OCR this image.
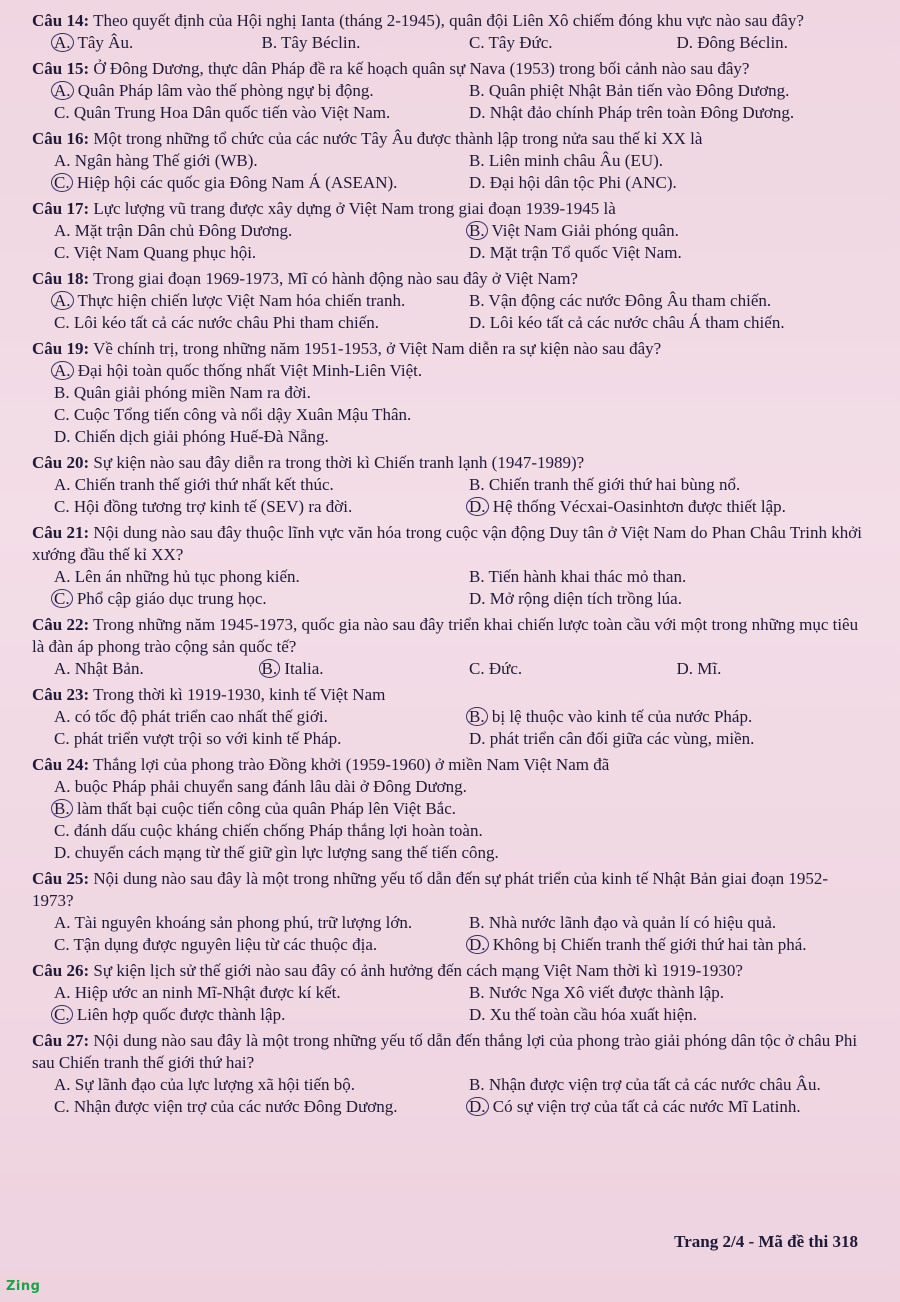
Câu 14: Theo quyết định của Hội nghị Ianta (tháng 2-1945), quân đội Liên Xô chiếm đóng khu vực nào sau đây?
A. Tây Âu.	B. Tây Béclin.	C. Tây Đức.	D. Đông Béclin.
Câu 15: Ở Đông Dương, thực dân Pháp đề ra kế hoạch quân sự Nava (1953) trong bối cảnh nào sau đây?
A. Quân Pháp lâm vào thế phòng ngự bị động.	B. Quân phiệt Nhật Bản tiến vào Đông Dương.
C. Quân Trung Hoa Dân quốc tiến vào Việt Nam.	D. Nhật đảo chính Pháp trên toàn Đông Dương.
Câu 16: Một trong những tổ chức của các nước Tây Âu được thành lập trong nửa sau thế kỉ XX là
A. Ngân hàng Thế giới (WB).	B. Liên minh châu Âu (EU).
C. Hiệp hội các quốc gia Đông Nam Á (ASEAN).	D. Đại hội dân tộc Phi (ANC).
Câu 17: Lực lượng vũ trang được xây dựng ở Việt Nam trong giai đoạn 1939-1945 là
A. Mặt trận Dân chủ Đông Dương.	B. Việt Nam Giải phóng quân.
C. Việt Nam Quang phục hội.	D. Mặt trận Tổ quốc Việt Nam.
Câu 18: Trong giai đoạn 1969-1973, Mĩ có hành động nào sau đây ở Việt Nam?
A. Thực hiện chiến lược Việt Nam hóa chiến tranh.	B. Vận động các nước Đông Âu tham chiến.
C. Lôi kéo tất cả các nước châu Phi tham chiến.	D. Lôi kéo tất cả các nước châu Á tham chiến.
Câu 19: Về chính trị, trong những năm 1951-1953, ở Việt Nam diễn ra sự kiện nào sau đây?
A. Đại hội toàn quốc thống nhất Việt Minh-Liên Việt.
B. Quân giải phóng miền Nam ra đời.
C. Cuộc Tổng tiến công và nổi dậy Xuân Mậu Thân.
D. Chiến dịch giải phóng Huế-Đà Nẵng.
Câu 20: Sự kiện nào sau đây diễn ra trong thời kì Chiến tranh lạnh (1947-1989)?
A. Chiến tranh thế giới thứ nhất kết thúc.	B. Chiến tranh thế giới thứ hai bùng nổ.
C. Hội đồng tương trợ kinh tế (SEV) ra đời.	D. Hệ thống Vécxai-Oasinhtơn được thiết lập.
Câu 21: Nội dung nào sau đây thuộc lĩnh vực văn hóa trong cuộc vận động Duy tân ở Việt Nam do Phan Châu Trinh khởi xướng đầu thế kỉ XX?
A. Lên án những hủ tục phong kiến.	B. Tiến hành khai thác mỏ than.
C. Phổ cập giáo dục trung học.	D. Mở rộng diện tích trồng lúa.
Câu 22: Trong những năm 1945-1973, quốc gia nào sau đây triển khai chiến lược toàn cầu với một trong những mục tiêu là đàn áp phong trào cộng sản quốc tế?
A. Nhật Bản.	B. Italia.	C. Đức.	D. Mĩ.
Câu 23: Trong thời kì 1919-1930, kinh tế Việt Nam
A. có tốc độ phát triển cao nhất thế giới.	B. bị lệ thuộc vào kinh tế của nước Pháp.
C. phát triển vượt trội so với kinh tế Pháp.	D. phát triển cân đối giữa các vùng, miền.
Câu 24: Thắng lợi của phong trào Đồng khởi (1959-1960) ở miền Nam Việt Nam đã
A. buộc Pháp phải chuyển sang đánh lâu dài ở Đông Dương.
B. làm thất bại cuộc tiến công của quân Pháp lên Việt Bắc.
C. đánh dấu cuộc kháng chiến chống Pháp thắng lợi hoàn toàn.
D. chuyển cách mạng từ thế giữ gìn lực lượng sang thế tiến công.
Câu 25: Nội dung nào sau đây là một trong những yếu tố dẫn đến sự phát triển của kinh tế Nhật Bản giai đoạn 1952-1973?
A. Tài nguyên khoáng sản phong phú, trữ lượng lớn.	B. Nhà nước lãnh đạo và quản lí có hiệu quả.
C. Tận dụng được nguyên liệu từ các thuộc địa.	D. Không bị Chiến tranh thế giới thứ hai tàn phá.
Câu 26: Sự kiện lịch sử thế giới nào sau đây có ảnh hưởng đến cách mạng Việt Nam thời kì 1919-1930?
A. Hiệp ước an ninh Mĩ-Nhật được kí kết.	B. Nước Nga Xô viết được thành lập.
C. Liên hợp quốc được thành lập.	D. Xu thế toàn cầu hóa xuất hiện.
Câu 27: Nội dung nào sau đây là một trong những yếu tố dẫn đến thắng lợi của phong trào giải phóng dân tộc ở châu Phi sau Chiến tranh thế giới thứ hai?
A. Sự lãnh đạo của lực lượng xã hội tiến bộ.	B. Nhận được viện trợ của tất cả các nước châu Âu.
C. Nhận được viện trợ của các nước Đông Dương.	D. Có sự viện trợ của tất cả các nước Mĩ Latinh.
Trang 2/4 - Mã đề thi 318
Zing
